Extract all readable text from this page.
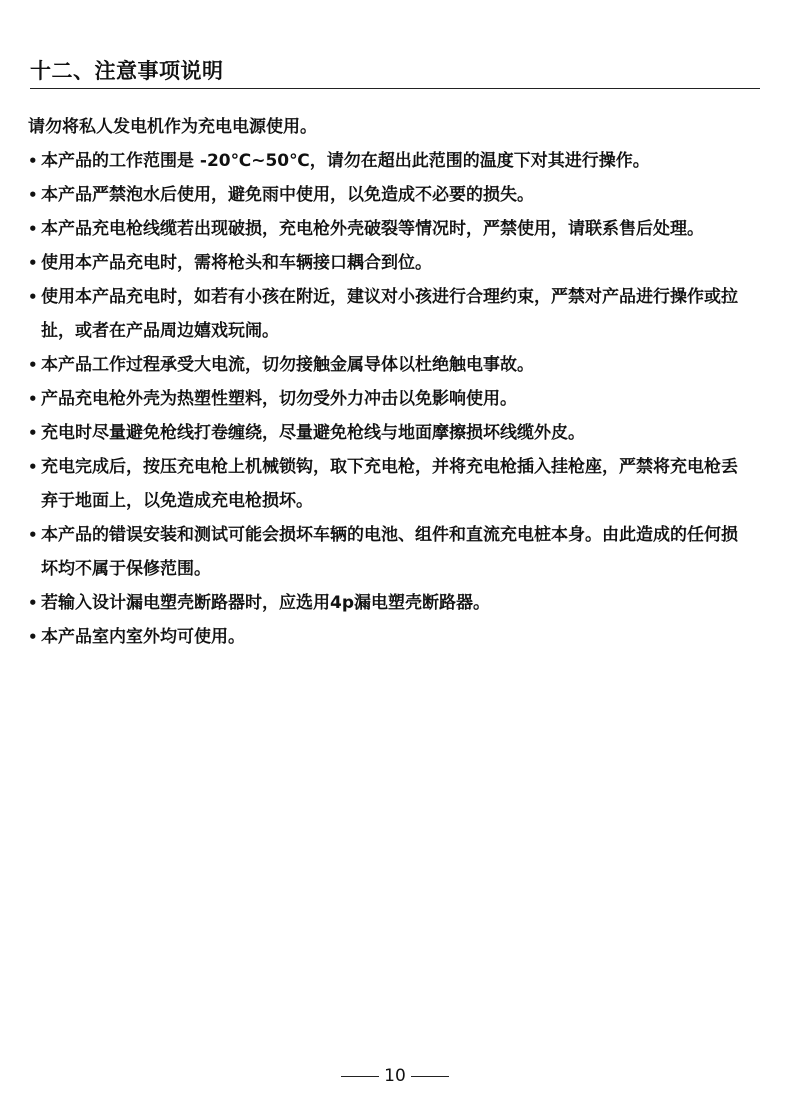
十二、注意事项说明

请勿将私人发电机作为充电电源使用。

• 本产品的工作范围是 -20℃~50℃，请勿在超出此范围的温度下对其进行操作。
• 本产品严禁泡水后使用，避免雨中使用，以免造成不必要的损失。
• 本产品充电枪线缆若出现破损，充电枪外壳破裂等情况时，严禁使用，请联系售后处理。
• 使用本产品充电时，需将枪头和车辆接口耦合到位。
• 使用本产品充电时，如若有小孩在附近，建议对小孩进行合理约束，严禁对产品进行操作或拉扯，或者在产品周边嬉戏玩闹。
• 本产品工作过程承受大电流，切勿接触金属导体以杜绝触电事故。
• 产品充电枪外壳为热塑性塑料，切勿受外力冲击以免影响使用。
• 充电时尽量避免枪线打卷缠绕，尽量避免枪线与地面摩擦损坏线缆外皮。
• 充电完成后，按压充电枪上机械锁钩，取下充电枪，并将充电枪插入挂枪座，严禁将充电枪丢弃于地面上，以免造成充电枪损坏。
• 本产品的错误安装和测试可能会损坏车辆的电池、组件和直流充电桩本身。由此造成的任何损坏均不属于保修范围。
• 若输入设计漏电塑壳断路器时，应选用4p漏电塑壳断路器。
• 本产品室内室外均可使用。
10
